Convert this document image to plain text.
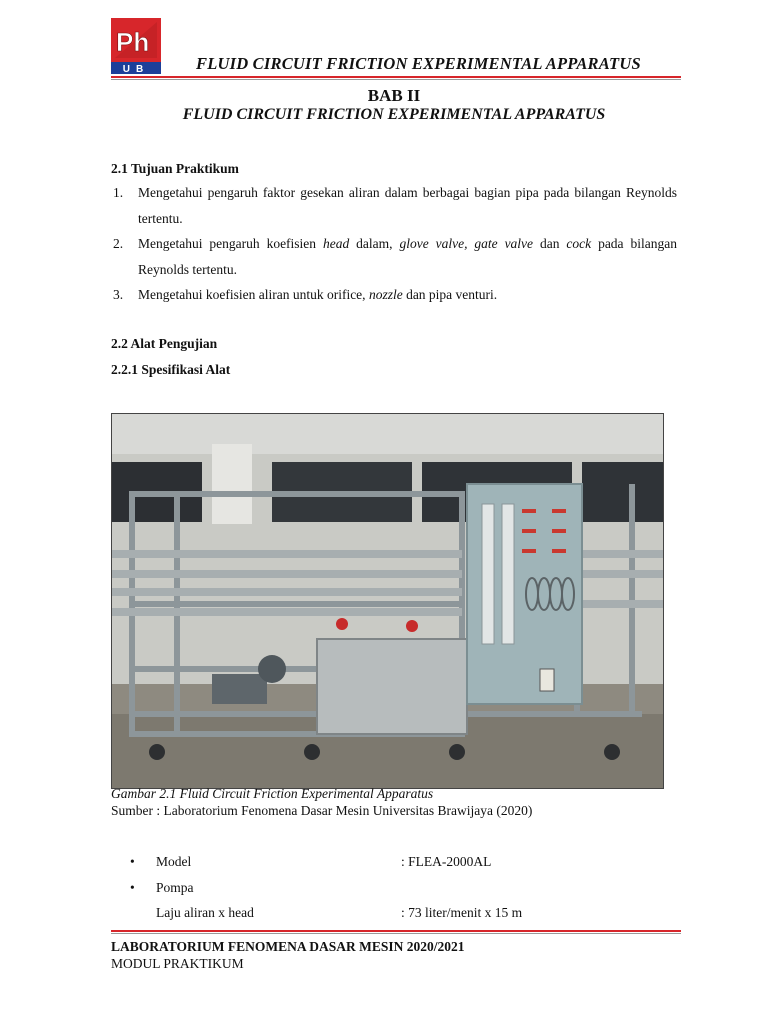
Ph
UB	FLUID CIRCUIT FRICTION EXPERIMENTAL APPARATUS
BAB II
FLUID CIRCUIT FRICTION EXPERIMENTAL APPARATUS
2.1 Tujuan Praktikum
1. Mengetahui pengaruh faktor gesekan aliran dalam berbagai bagian pipa pada bilangan Reynolds tertentu.
2. Mengetahui pengaruh koefisien head dalam, glove valve, gate valve dan cock pada bilangan Reynolds tertentu.
3. Mengetahui koefisien aliran untuk orifice, nozzle dan pipa venturi.
2.2 Alat Pengujian
2.2.1 Spesifikasi Alat
Gambar 2.1 Fluid Circuit Friction Experimental Apparatus
Sumber : Laboratorium Fenomena Dasar Mesin Universitas Brawijaya (2020)
• Model	: FLEA-2000AL
• Pompa
Laju aliran x head	: 73 liter/menit x 15 m
LABORATORIUM FENOMENA DASAR MESIN 2020/2021
MODUL PRAKTIKUM
